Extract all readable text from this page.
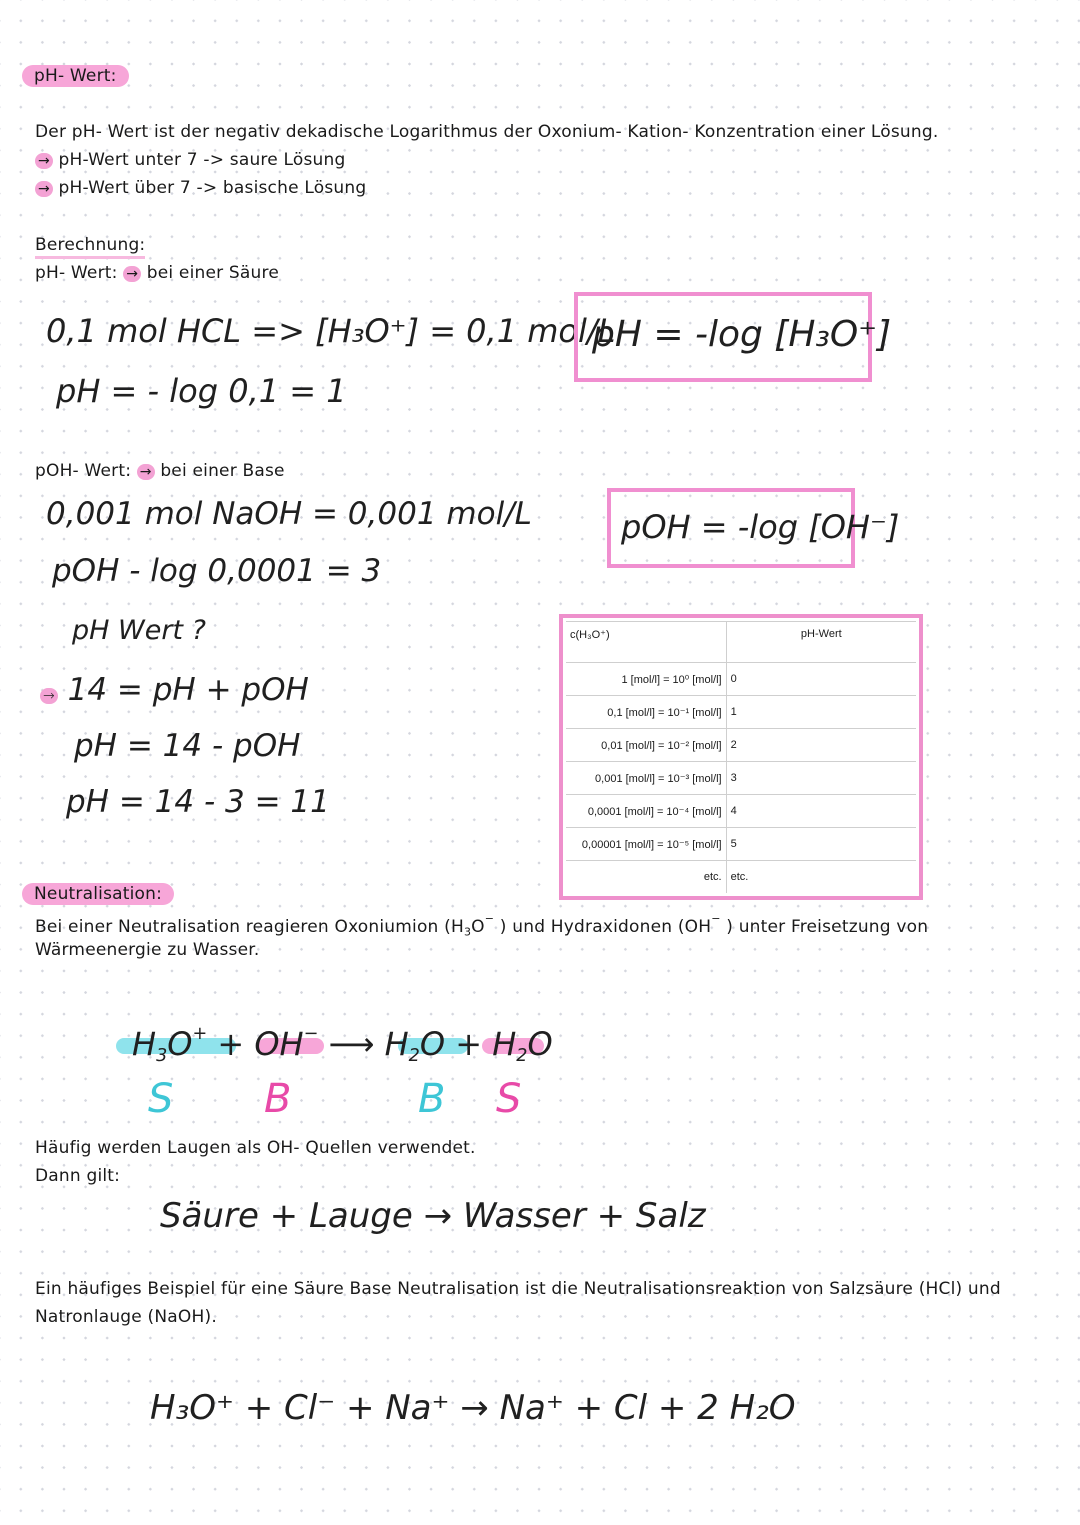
pH- Wert:
Der pH- Wert ist der negativ dekadische Logarithmus der Oxonium- Kation- Konzentration einer Lösung.
→ pH-Wert unter 7 -> saure Lösung
→ pH-Wert über 7 -> basische Lösung
Berechnung:
pH- Wert: → bei einer Säure
0,1 mol HCL => [H₃O⁺] = 0,1 mol/L
pH = - log 0,1 = 1
pH = -log [H₃O⁺]
pOH- Wert: → bei einer Base
0,001 mol NaOH = 0,001 mol/L
pOH - log 0,0001 = 3
pH Wert ?
→ 14 = pH + pOH
pH = 14 - pOH
pH = 14 - 3 = 11
pOH = -log [OH⁻]
c(H₃O⁺)	pH-Wert
1 [mol/l] = 10⁰ [mol/l]	0
0,1 [mol/l] = 10⁻¹ [mol/l]	1
0,01 [mol/l] = 10⁻² [mol/l]	2
0,001 [mol/l] = 10⁻³ [mol/l]	3
0,0001 [mol/l] = 10⁻⁴ [mol/l]	4
0,00001 [mol/l] = 10⁻⁵ [mol/l]	5
etc.	etc.
Neutralisation:
Bei einer Neutralisation reagieren Oxoniumion ($H_3O^-$ ) und Hydraxidonen (OH− ) unter Freisetzung von
Wärmeenergie zu Wasser.
$H_3O^+ + OH^-$ ⟶ $H_2O + H_2O$
S B	B S
Häufig werden Laugen als OH- Quellen verwendet.
Dann gilt:
Säure + Lauge → Wasser + Salz
Ein häufiges Beispiel für eine Säure Base Neutralisation ist die Neutralisationsreaktion von Salzsäure (HCl) und
Natronlauge (NaOH).
H₃O⁺ + Cl⁻ + Na⁺ → Na⁺ + Cl + 2 H₂O
